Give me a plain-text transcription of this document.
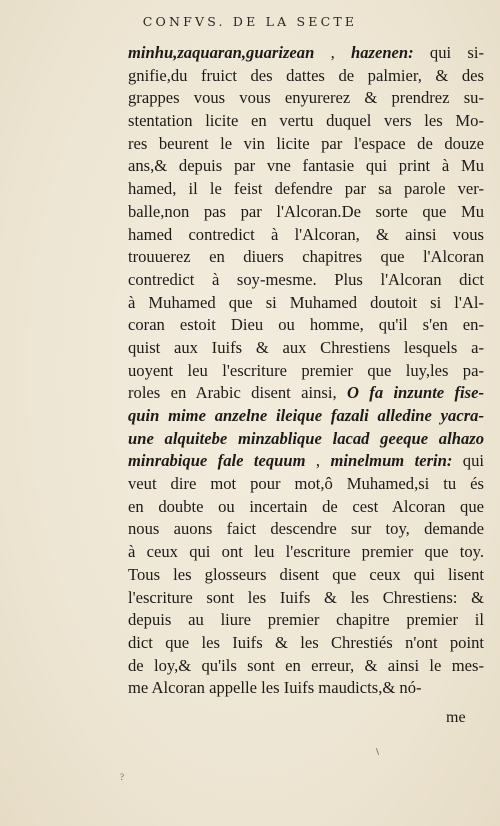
CONFVS. DE LA SECTE
minhu,zaquaran,guarizean , hazenen: qui si-
gnifie,du fruict des dattes de palmier, & des
grappes vous vous enyurerez & prendrez su-
stentation licite en vertu duquel vers les Mo-
res beurent le vin licite par l'espace de douze
ans,& depuis par vne fantasie qui print à Mu
hamed, il le feist defendre par sa parole ver-
balle,non pas par l'Alcoran.De sorte que Mu
hamed contredict à l'Alcoran, & ainsi vous
trouuerez en diuers chapitres que l'Alcoran
contredict à soy-mesme. Plus l'Alcoran dict
à Muhamed que si Muhamed doutoit si l'Al-
coran estoit Dieu ou homme, qu'il s'en en-
quist aux Iuifs & aux Chrestiens lesquels a-
uoyent leu l'escriture premier que luy,les pa-
roles en Arabic disent ainsi, O fa inzunte fise-
quin mime anzelne ileique fazali alledine yacra-
une alquitebe minzablique lacad geeque alhazo
minrabique fale tequum , minelmum terin: qui
veut dire mot pour mot,ô Muhamed,si tu és
en doubte ou incertain de cest Alcoran que
nous auons faict descendre sur toy, demande
à ceux qui ont leu l'escriture premier que toy.
Tous les glosseurs disent que ceux qui lisent
l'escriture sont les Iuifs & les Chrestiens: &
depuis au liure premier chapitre premier il
dict que les Iuifs & les Chrestiés n'ont point
de loy,& qu'ils sont en erreur, & ainsi le mes-
me Alcoran appelle les Iuifs maudicts,& nó-
me
?
